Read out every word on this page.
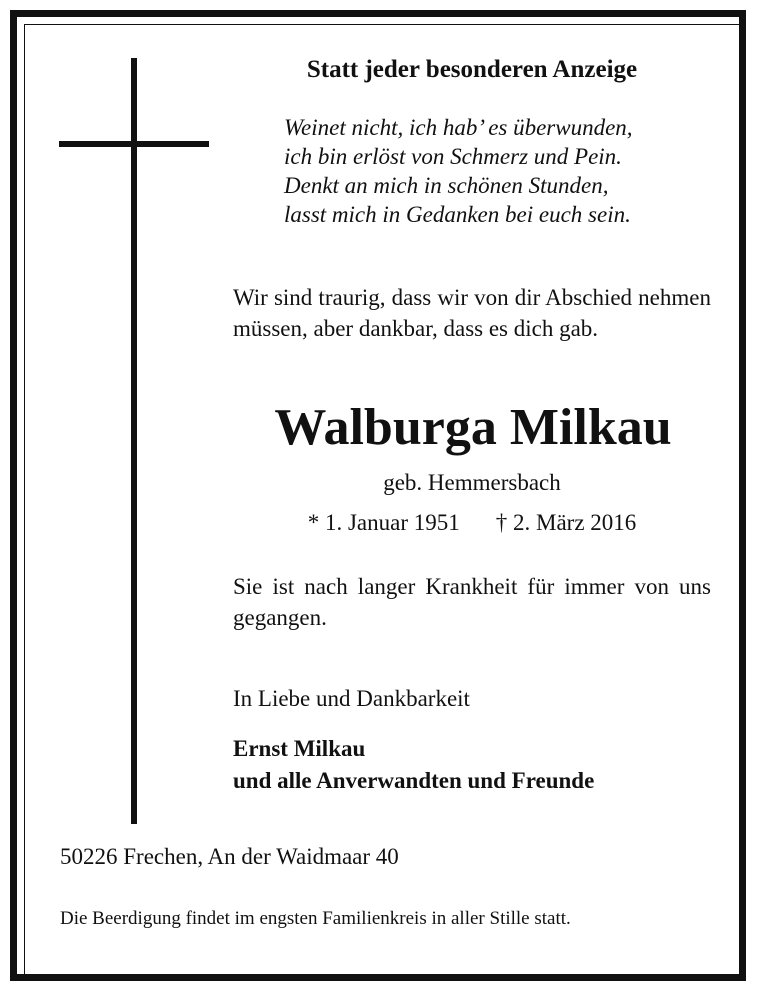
Statt jeder besonderen Anzeige
Weinet nicht, ich hab’ es überwunden,
ich bin erlöst von Schmerz und Pein.
Denkt an mich in schönen Stunden,
lasst mich in Gedanken bei euch sein.
Wir sind traurig, dass wir von dir Abschied nehmen müssen, aber dankbar, dass es dich gab.
Walburga Milkau
geb. Hemmersbach
* 1. Januar 1951 † 2. März 2016
Sie ist nach langer Krankheit für immer von uns gegangen.
In Liebe und Dankbarkeit
Ernst Milkau
und alle Anverwandten und Freunde
50226 Frechen, An der Waidmaar 40
Die Beerdigung findet im engsten Familienkreis in aller Stille statt.
